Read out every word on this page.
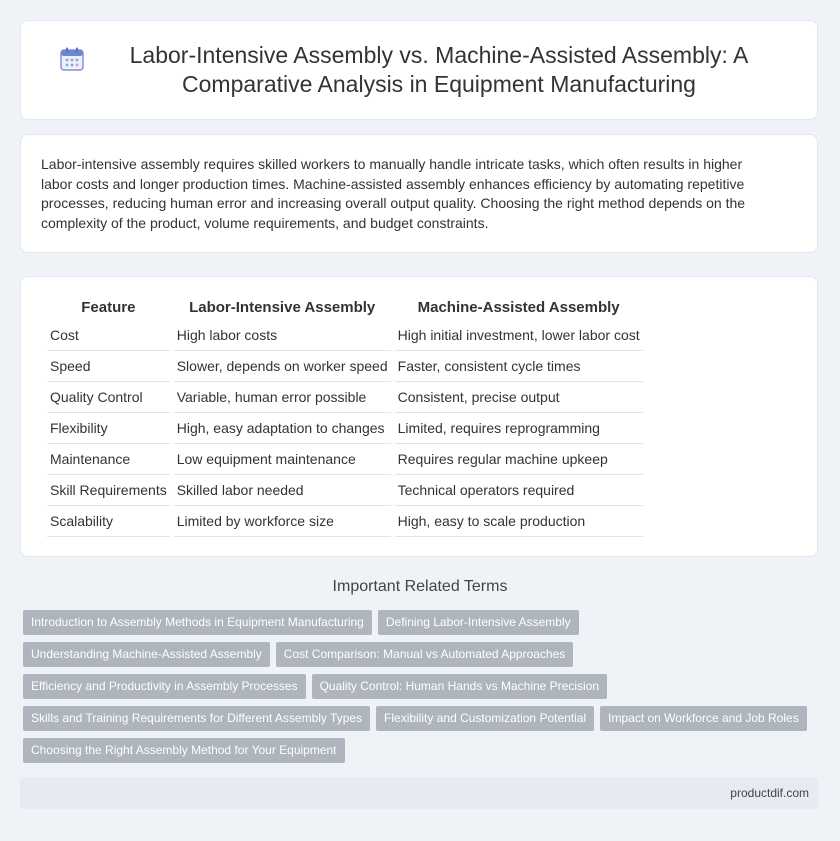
Labor-Intensive Assembly vs. Machine-Assisted Assembly: A Comparative Analysis in Equipment Manufacturing

Labor-intensive assembly requires skilled workers to manually handle intricate tasks, which often results in higher labor costs and longer production times. Machine-assisted assembly enhances efficiency by automating repetitive processes, reducing human error and increasing overall output quality. Choosing the right method depends on the complexity of the product, volume requirements, and budget constraints.

Feature	Labor-Intensive Assembly	Machine-Assisted Assembly
Cost	High labor costs	High initial investment, lower labor cost
Speed	Slower, depends on worker speed	Faster, consistent cycle times
Quality Control	Variable, human error possible	Consistent, precise output
Flexibility	High, easy adaptation to changes	Limited, requires reprogramming
Maintenance	Low equipment maintenance	Requires regular machine upkeep
Skill Requirements	Skilled labor needed	Technical operators required
Scalability	Limited by workforce size	High, easy to scale production
Important Related Terms
Introduction to Assembly Methods in Equipment Manufacturing	Defining Labor-Intensive Assembly
Understanding Machine-Assisted Assembly	Cost Comparison: Manual vs Automated Approaches
Efficiency and Productivity in Assembly Processes	Quality Control: Human Hands vs Machine Precision
Skills and Training Requirements for Different Assembly Types	Flexibility and Customization Potential	Impact on Workforce and Job Roles
Choosing the Right Assembly Method for Your Equipment
productdif.com
